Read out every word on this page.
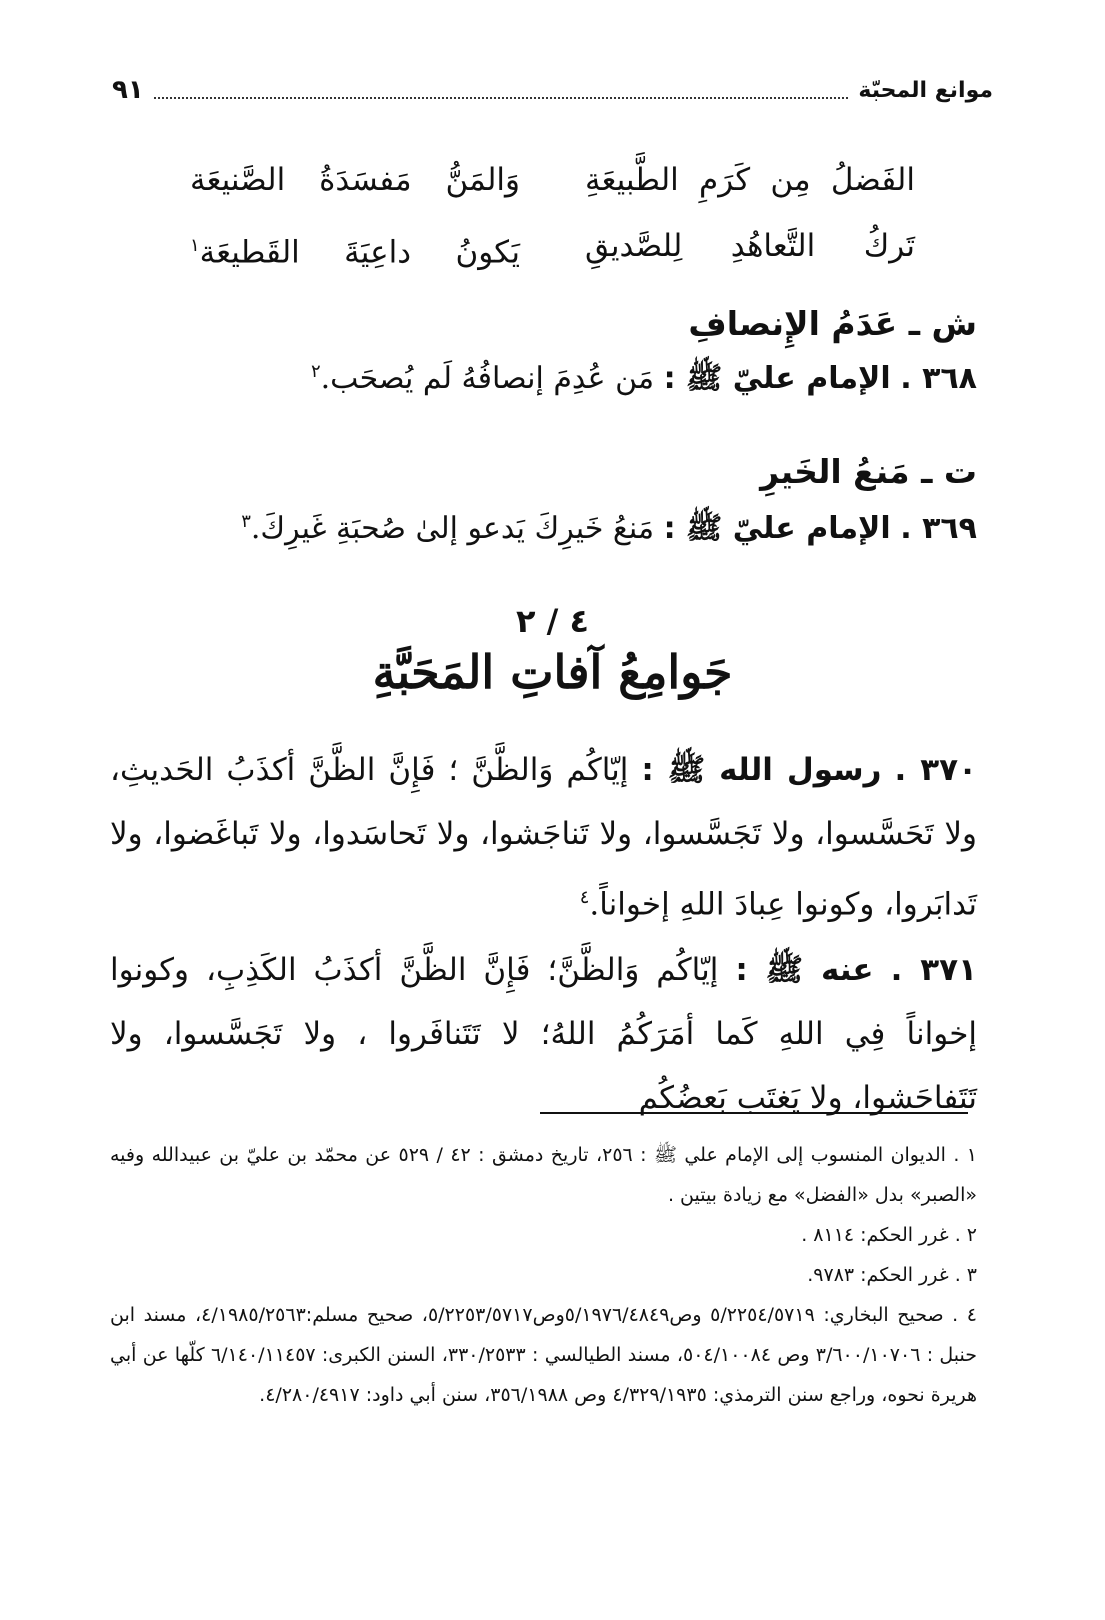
موانع المحبّة
٩١
الفَضلُ مِن كَرَمِ الطَّبيعَةِ
وَالمَنُّ مَفسَدَةُ الصَّنيعَة
تَركُ التَّعاهُدِ لِلصَّديقِ
يَكونُ داعِيَةَ القَطيعَة$^١$
ش ـ عَدَمُ الإِنصافِ
٣٦٨ . الإمام عليّ ﷺ : مَن عُدِمَ إنصافُهُ لَم يُصحَب.$^٢$
ت ـ مَنعُ الخَيرِ
٣٦٩ . الإمام عليّ ﷺ : مَنعُ خَيرِكَ يَدعو إلىٰ صُحبَةِ غَيرِكَ.$^٣$
٤ / ٢
جَوامِعُ آفاتِ المَحَبَّةِ
٣٧٠ . رسول الله ﷺ : إيّاكُم وَالظَّنَّ ؛ فَإِنَّ الظَّنَّ أكذَبُ الحَديثِ، ولا تَحَسَّسوا، ولا تَجَسَّسوا، ولا تَناجَشوا، ولا تَحاسَدوا، ولا تَباغَضوا، ولا تَدابَروا، وكونوا عِبادَ اللهِ إخواناً.$^٤$
٣٧١ . عنه ﷺ : إيّاكُم وَالظَّنَّ؛ فَإِنَّ الظَّنَّ أكذَبُ الكَذِبِ، وكونوا إخواناً فِي اللهِ كَما أمَرَكُمُ اللهُ؛ لا تَتَنافَروا ، ولا تَجَسَّسوا، ولا تَتَفاحَشوا، ولا يَغتَب بَعضُكُم

١ . الديوان المنسوب إلى الإمام علي ﷺ : ٢٥٦، تاريخ دمشق : ٤٢ / ٥٢٩ عن محمّد بن عليّ بن عبيدالله وفيه «الصبر» بدل «الفضل» مع زيادة بيتين .

٢ . غرر الحكم: ٨١١٤ .

٣ . غرر الحكم: ٩٧٨٣.

٤ . صحيح البخاري: ٥/٢٢٥٤/٥٧١٩ وص٥/١٩٧٦/٤٨٤٩وص٥/٢٢٥٣/٥٧١٧، صحيح مسلم:٤/١٩٨٥/٢٥٦٣، مسند ابن حنبل : ٣/٦٠٠/١٠٧٠٦ وص ٥٠٤/١٠٠٨٤، مسند الطيالسي : ٣٣٠/٢٥٣٣، السنن الكبرى: ٦/١٤٠/١١٤٥٧ كلّها عن أبي هريرة نحوه، وراجع سنن الترمذي: ٤/٣٢٩/١٩٣٥ وص ٣٥٦/١٩٨٨، سنن أبي داود: ٤/٢٨٠/٤٩١٧.
